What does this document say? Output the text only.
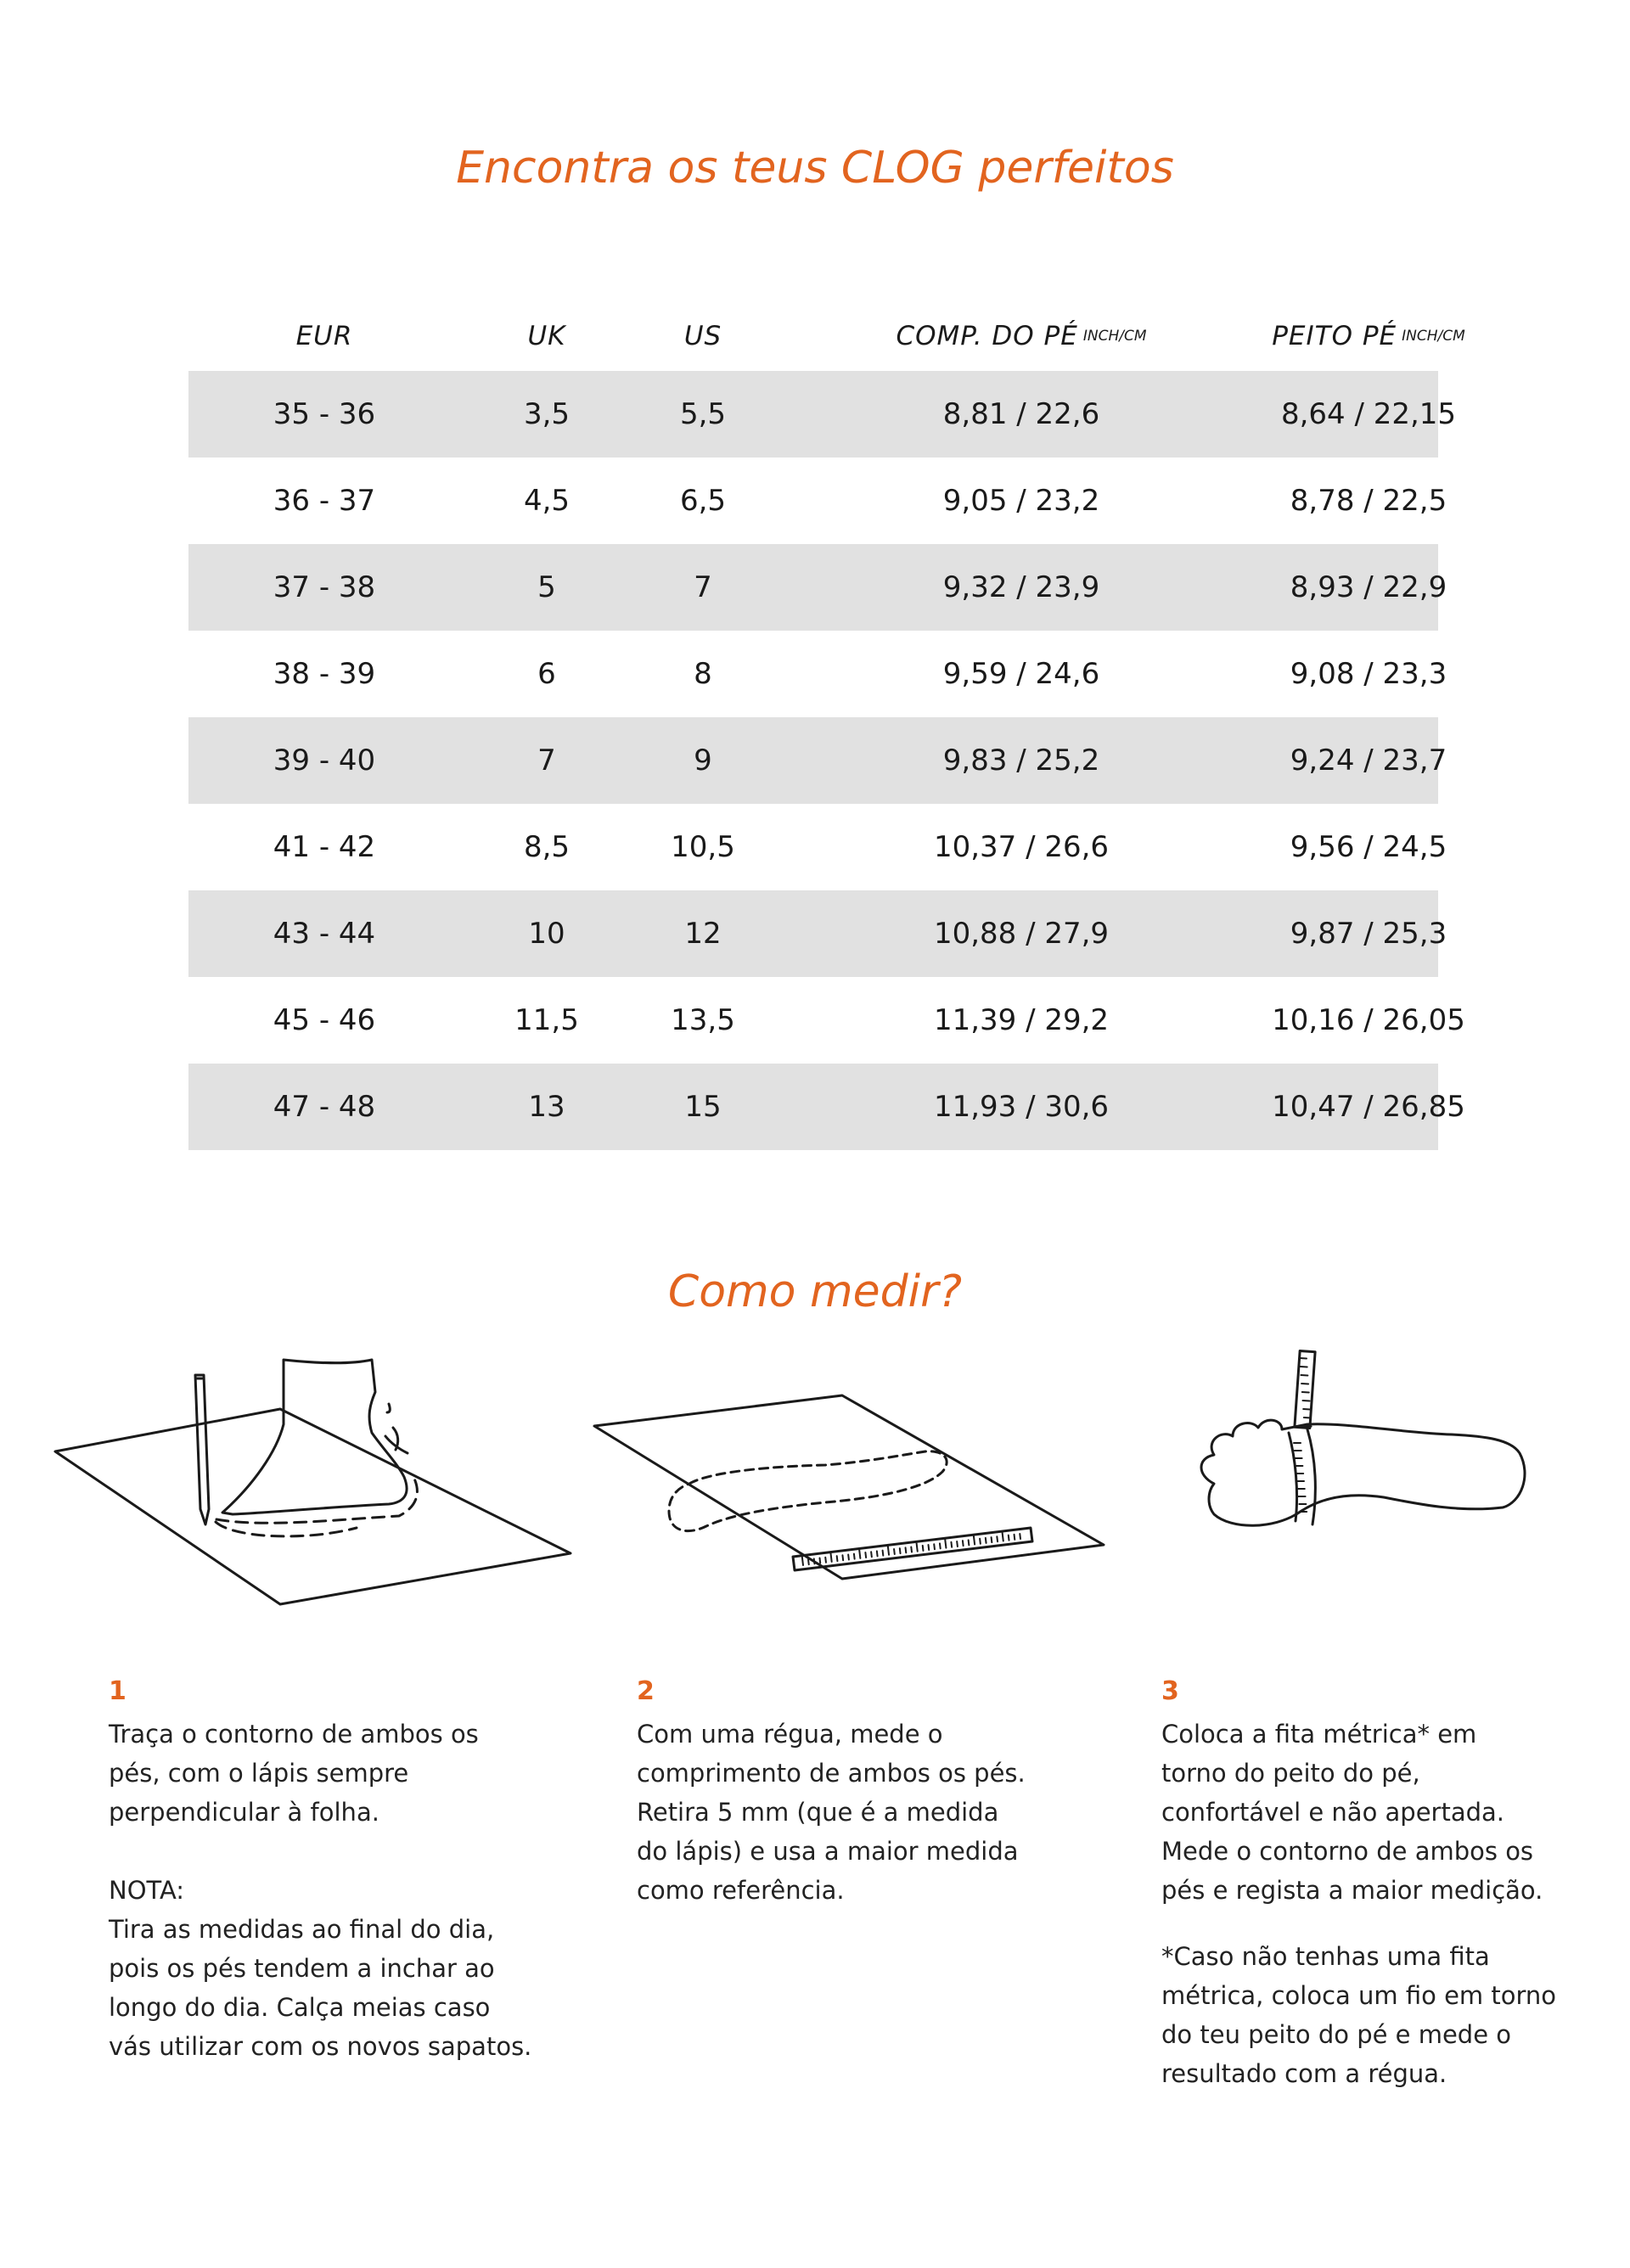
Encontra os teus CLOG perfeitos
EUR	UK	US	COMP. DO PÉ INCH/CM	PEITO PÉ INCH/CM
35 - 36	3,5	5,5	8,81 / 22,6	8,64 / 22,15
36 - 37	4,5	6,5	9,05 / 23,2	8,78 / 22,5
37 - 38	5	7	9,32 / 23,9	8,93 / 22,9
38 - 39	6	8	9,59 / 24,6	9,08 / 23,3
39 - 40	7	9	9,83 / 25,2	9,24 / 23,7
41 - 42	8,5	10,5	10,37 / 26,6	9,56 / 24,5
43 - 44	10	12	10,88 / 27,9	9,87 / 25,3
45 - 46	11,5	13,5	11,39 / 29,2	10,16 / 26,05
47 - 48	13	15	11,93 / 30,6	10,47 / 26,85
Como medir?
1
Traça o contorno de ambos os
pés, com o lápis sempre
perpendicular à folha.
NOTA:
Tira as medidas ao final do dia,
pois os pés tendem a inchar ao
longo do dia. Calça meias caso
vás utilizar com os novos sapatos.
2
Com uma régua, mede o
comprimento de ambos os pés.
Retira 5 mm (que é a medida
do lápis) e usa a maior medida
como referência.
3
Coloca a fita métrica* em
torno do peito do pé,
confortável e não apertada.
Mede o contorno de ambos os
pés e regista a maior medição.
*Caso não tenhas uma fita
métrica, coloca um fio em torno
do teu peito do pé e mede o
resultado com a régua.
